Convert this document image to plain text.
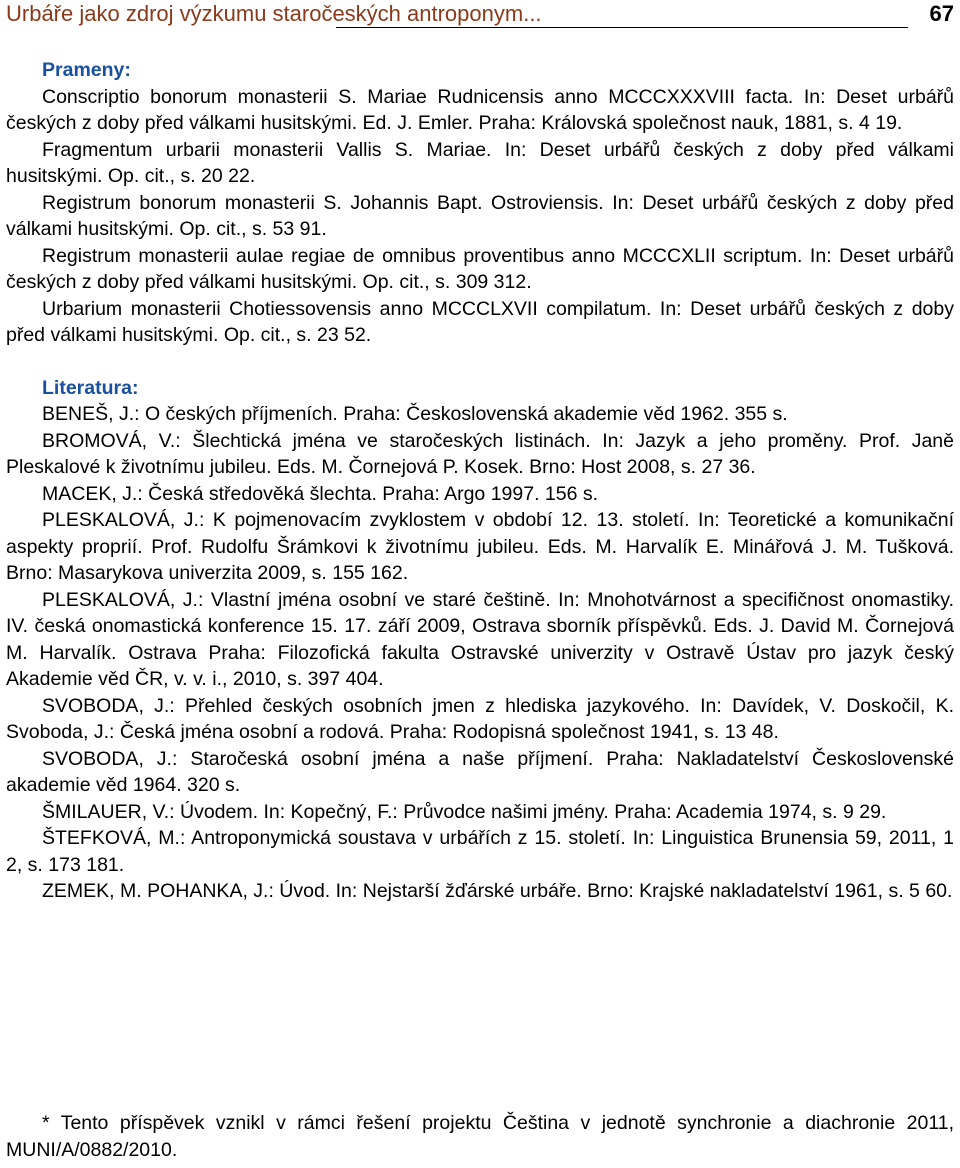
Urbáře jako zdroj výzkumu staročeských antroponym...	67
Prameny:

Conscriptio bonorum monasterii S. Mariae Rudnicensis anno MCCCXXXVIII facta. In: Deset urbářů českých z doby před válkami husitskými. Ed. J. Emler. Praha: Královská společnost nauk, 1881, s. 4 19.

Fragmentum urbarii monasterii Vallis S. Mariae. In: Deset urbářů českých z doby před válkami husitskými. Op. cit., s. 20 22.

Registrum bonorum monasterii S. Johannis Bapt. Ostroviensis. In: Deset urbářů českých z doby před válkami husitskými. Op. cit., s. 53 91.

Registrum monasterii aulae regiae de omnibus proventibus anno MCCCXLII scriptum. In: Deset urbářů českých z doby před válkami husitskými. Op. cit., s. 309 312.

Urbarium monasterii Chotiessovensis anno MCCCLXVII compilatum. In: Deset urbářů českých z doby před válkami husitskými. Op. cit., s. 23 52.

Literatura:

BENEŠ, J.: O českých příjmeních. Praha: Československá akademie věd 1962. 355 s.

BROMOVÁ, V.: Šlechtická jména ve staročeských listinách. In: Jazyk a jeho proměny. Prof. Janě Pleskalové k životnímu jubileu. Eds. M. Čornejová P. Kosek. Brno: Host 2008, s. 27 36.

MACEK, J.: Česká středověká šlechta. Praha: Argo 1997. 156 s.

PLESKALOVÁ, J.: K pojmenovacím zvyklostem v období 12. 13. století. In: Teoretické a komunikační aspekty proprií. Prof. Rudolfu Šrámkovi k životnímu jubileu. Eds. M. Harvalík E. Minářová J. M. Tušková. Brno: Masarykova univerzita 2009, s. 155 162.

PLESKALOVÁ, J.: Vlastní jména osobní ve staré češtině. In: Mnohotvárnost a specifičnost onomastiky. IV. česká onomastická konference 15. 17. září 2009, Ostrava sborník příspěvků. Eds. J. David M. Čornejová M. Harvalík. Ostrava Praha: Filozofická fakulta Ostravské univerzity v Ostravě Ústav pro jazyk český Akademie věd ČR, v. v. i., 2010, s. 397 404.

SVOBODA, J.: Přehled českých osobních jmen z hlediska jazykového. In: Davídek, V. Doskočil, K. Svoboda, J.: Česká jména osobní a rodová. Praha: Rodopisná společnost 1941, s. 13 48.

SVOBODA, J.: Staročeská osobní jména a naše příjmení. Praha: Nakladatelství Československé akademie věd 1964. 320 s.

ŠMILAUER, V.: Úvodem. In: Kopečný, F.: Průvodce našimi jmény. Praha: Academia 1974, s. 9 29.

ŠTEFKOVÁ, M.: Antroponymická soustava v urbářích z 15. století. In: Linguistica Brunensia 59, 2011, 1 2, s. 173 181.

ZEMEK, M. POHANKA, J.: Úvod. In: Nejstarší žďárské urbáře. Brno: Krajské nakladatelství 1961, s. 5 60.

* Tento příspěvek vznikl v rámci řešení projektu Čeština v jednotě synchronie a diachronie 2011, MUNI/A/0882/2010.
